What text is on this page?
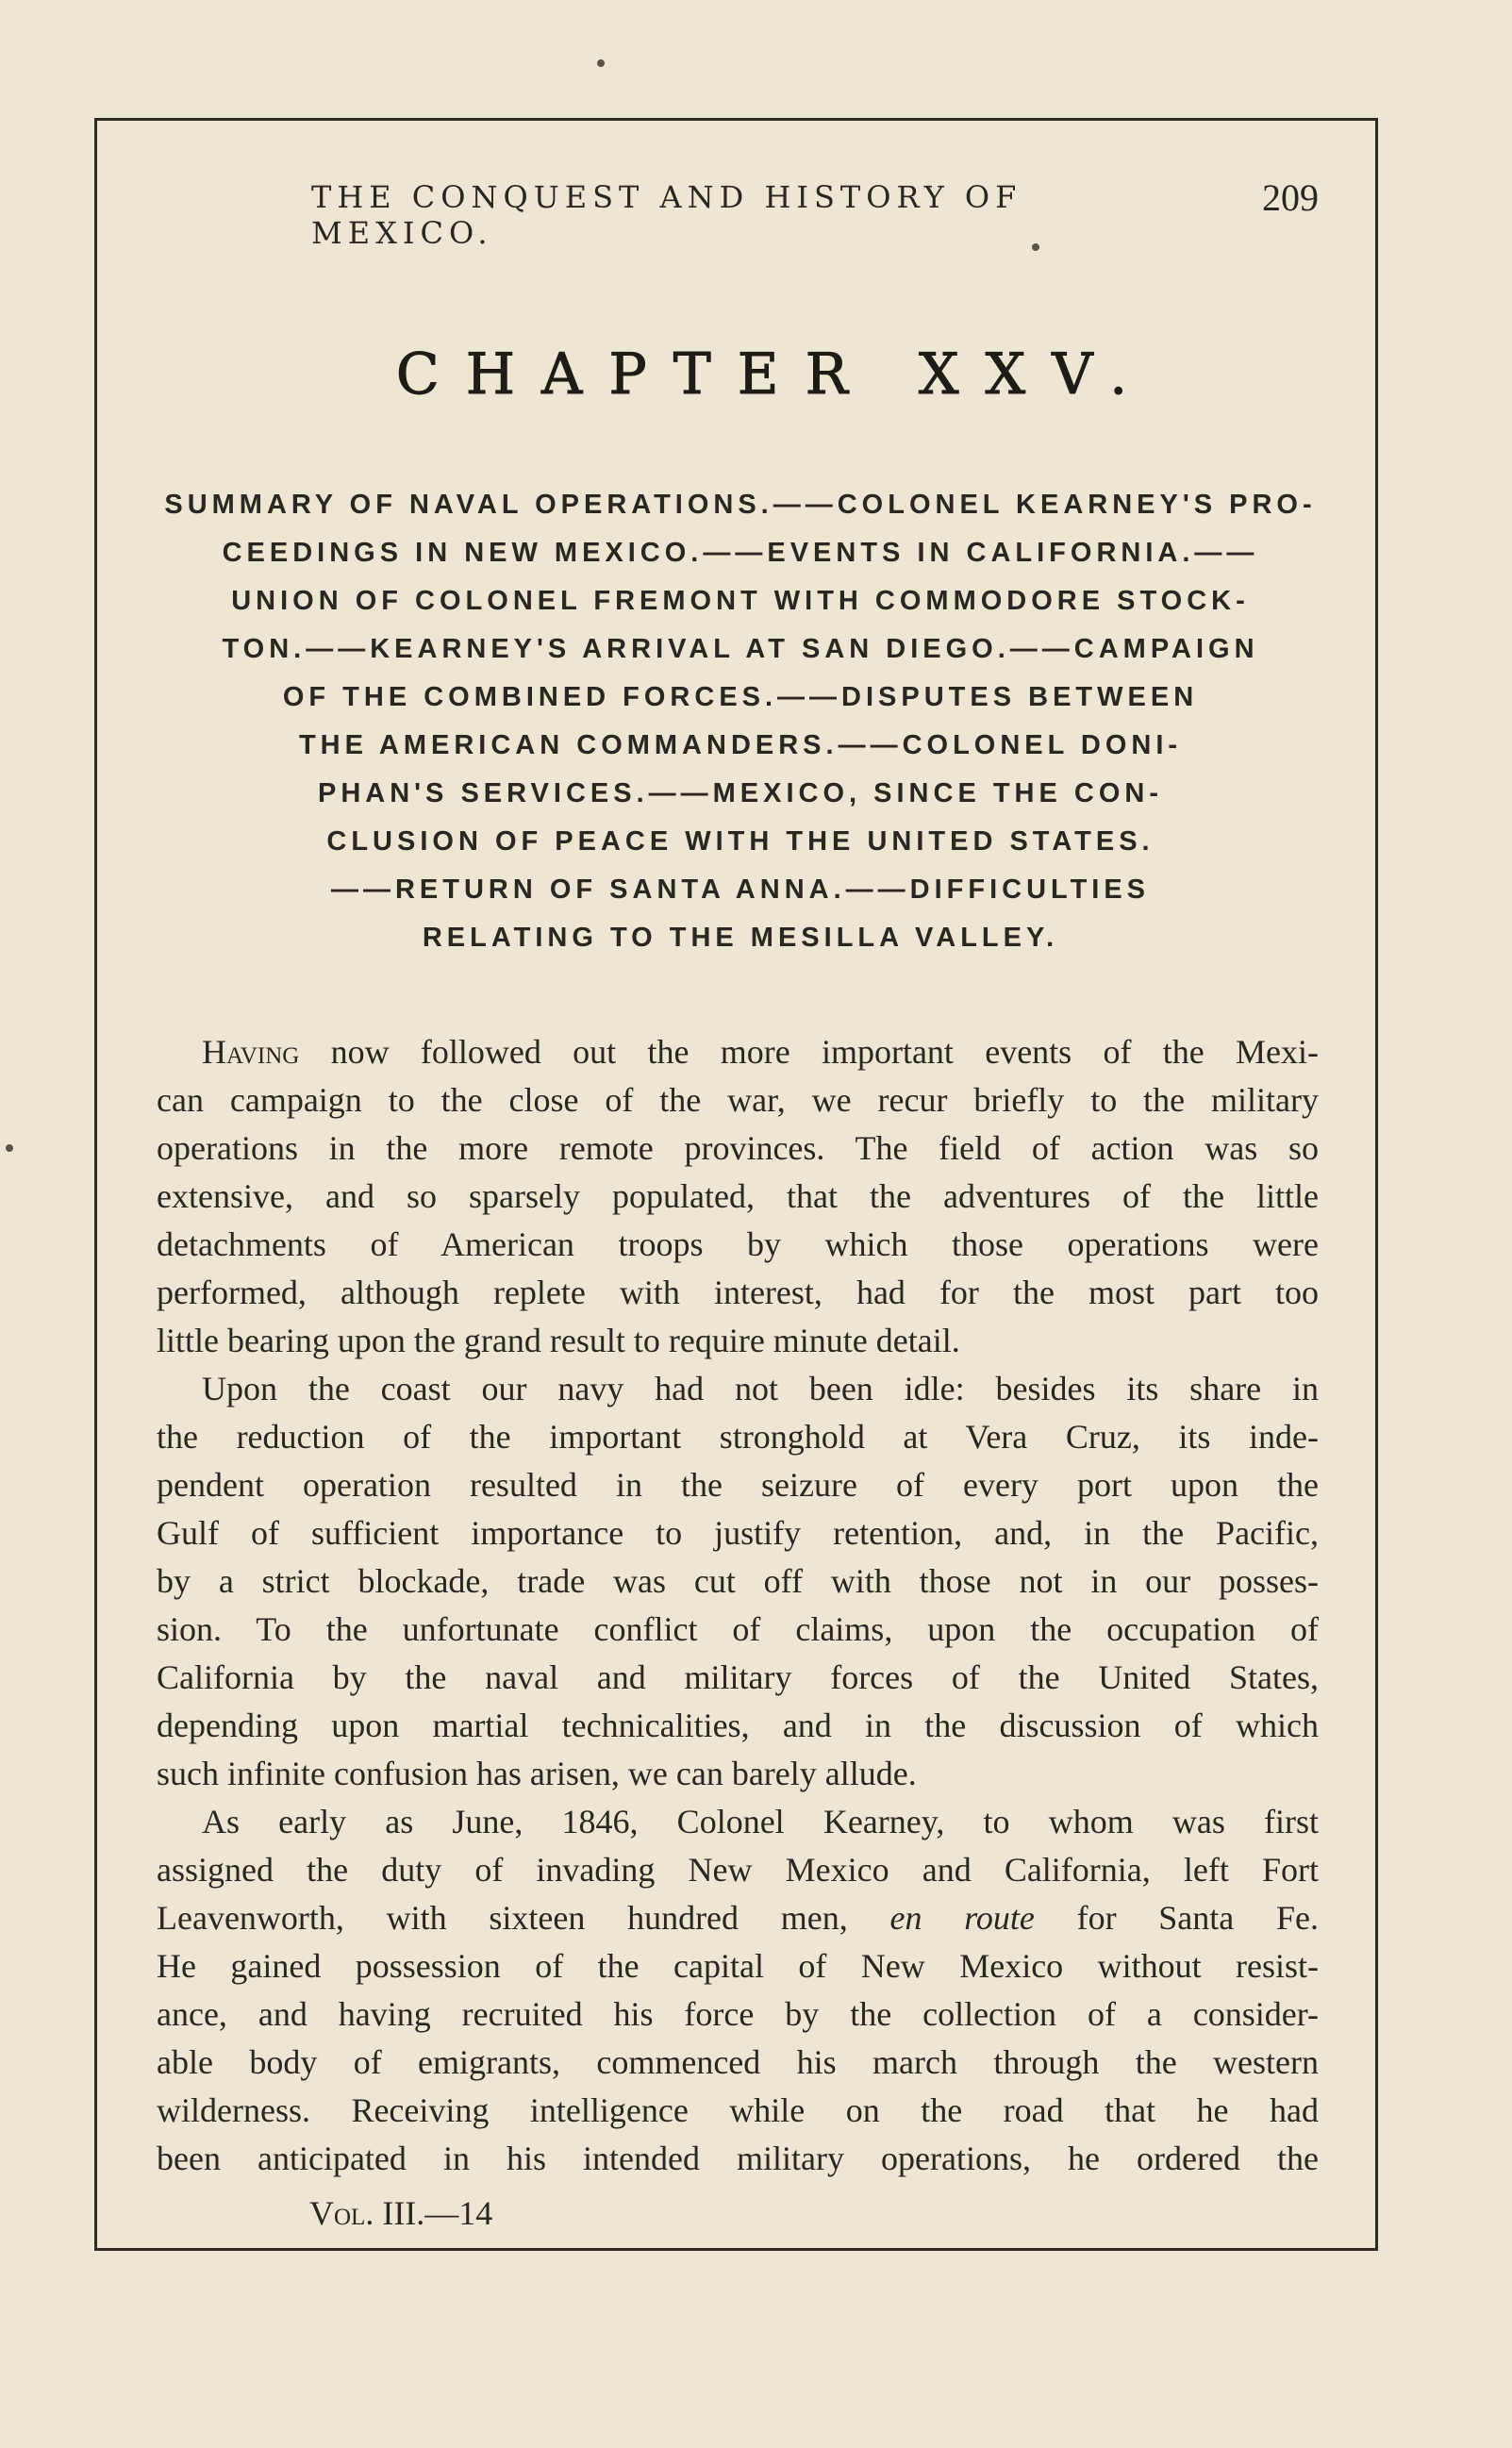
THE CONQUEST AND HISTORY OF MEXICO.
209
CHAPTER XXV.
SUMMARY OF NAVAL OPERATIONS.——COLONEL KEARNEY'S PRO-
CEEDINGS IN NEW MEXICO.——EVENTS IN CALIFORNIA.——
UNION OF COLONEL FREMONT WITH COMMODORE STOCK-
TON.——KEARNEY'S ARRIVAL AT SAN DIEGO.——CAMPAIGN
OF THE COMBINED FORCES.——DISPUTES BETWEEN
THE AMERICAN COMMANDERS.——COLONEL DONI-
PHAN'S SERVICES.——MEXICO, SINCE THE CON-
CLUSION OF PEACE WITH THE UNITED STATES.
——RETURN OF SANTA ANNA.——DIFFICULTIES
RELATING TO THE MESILLA VALLEY.
Having now followed out the more important events of the Mexi-
can campaign to the close of the war, we recur briefly to the military
operations in the more remote provinces. The field of action was so
extensive, and so sparsely populated, that the adventures of the little
detachments of American troops by which those operations were
performed, although replete with interest, had for the most part too
little bearing upon the grand result to require minute detail.
Upon the coast our navy had not been idle: besides its share in
the reduction of the important stronghold at Vera Cruz, its inde-
pendent operation resulted in the seizure of every port upon the
Gulf of sufficient importance to justify retention, and, in the Pacific,
by a strict blockade, trade was cut off with those not in our posses-
sion. To the unfortunate conflict of claims, upon the occupation of
California by the naval and military forces of the United States,
depending upon martial technicalities, and in the discussion of which
such infinite confusion has arisen, we can barely allude.
As early as June, 1846, Colonel Kearney, to whom was first
assigned the duty of invading New Mexico and California, left Fort
Leavenworth, with sixteen hundred men, en route for Santa Fe.
He gained possession of the capital of New Mexico without resist-
ance, and having recruited his force by the collection of a consider-
able body of emigrants, commenced his march through the western
wilderness. Receiving intelligence while on the road that he had
been anticipated in his intended military operations, he ordered the
Vol. III.—14
